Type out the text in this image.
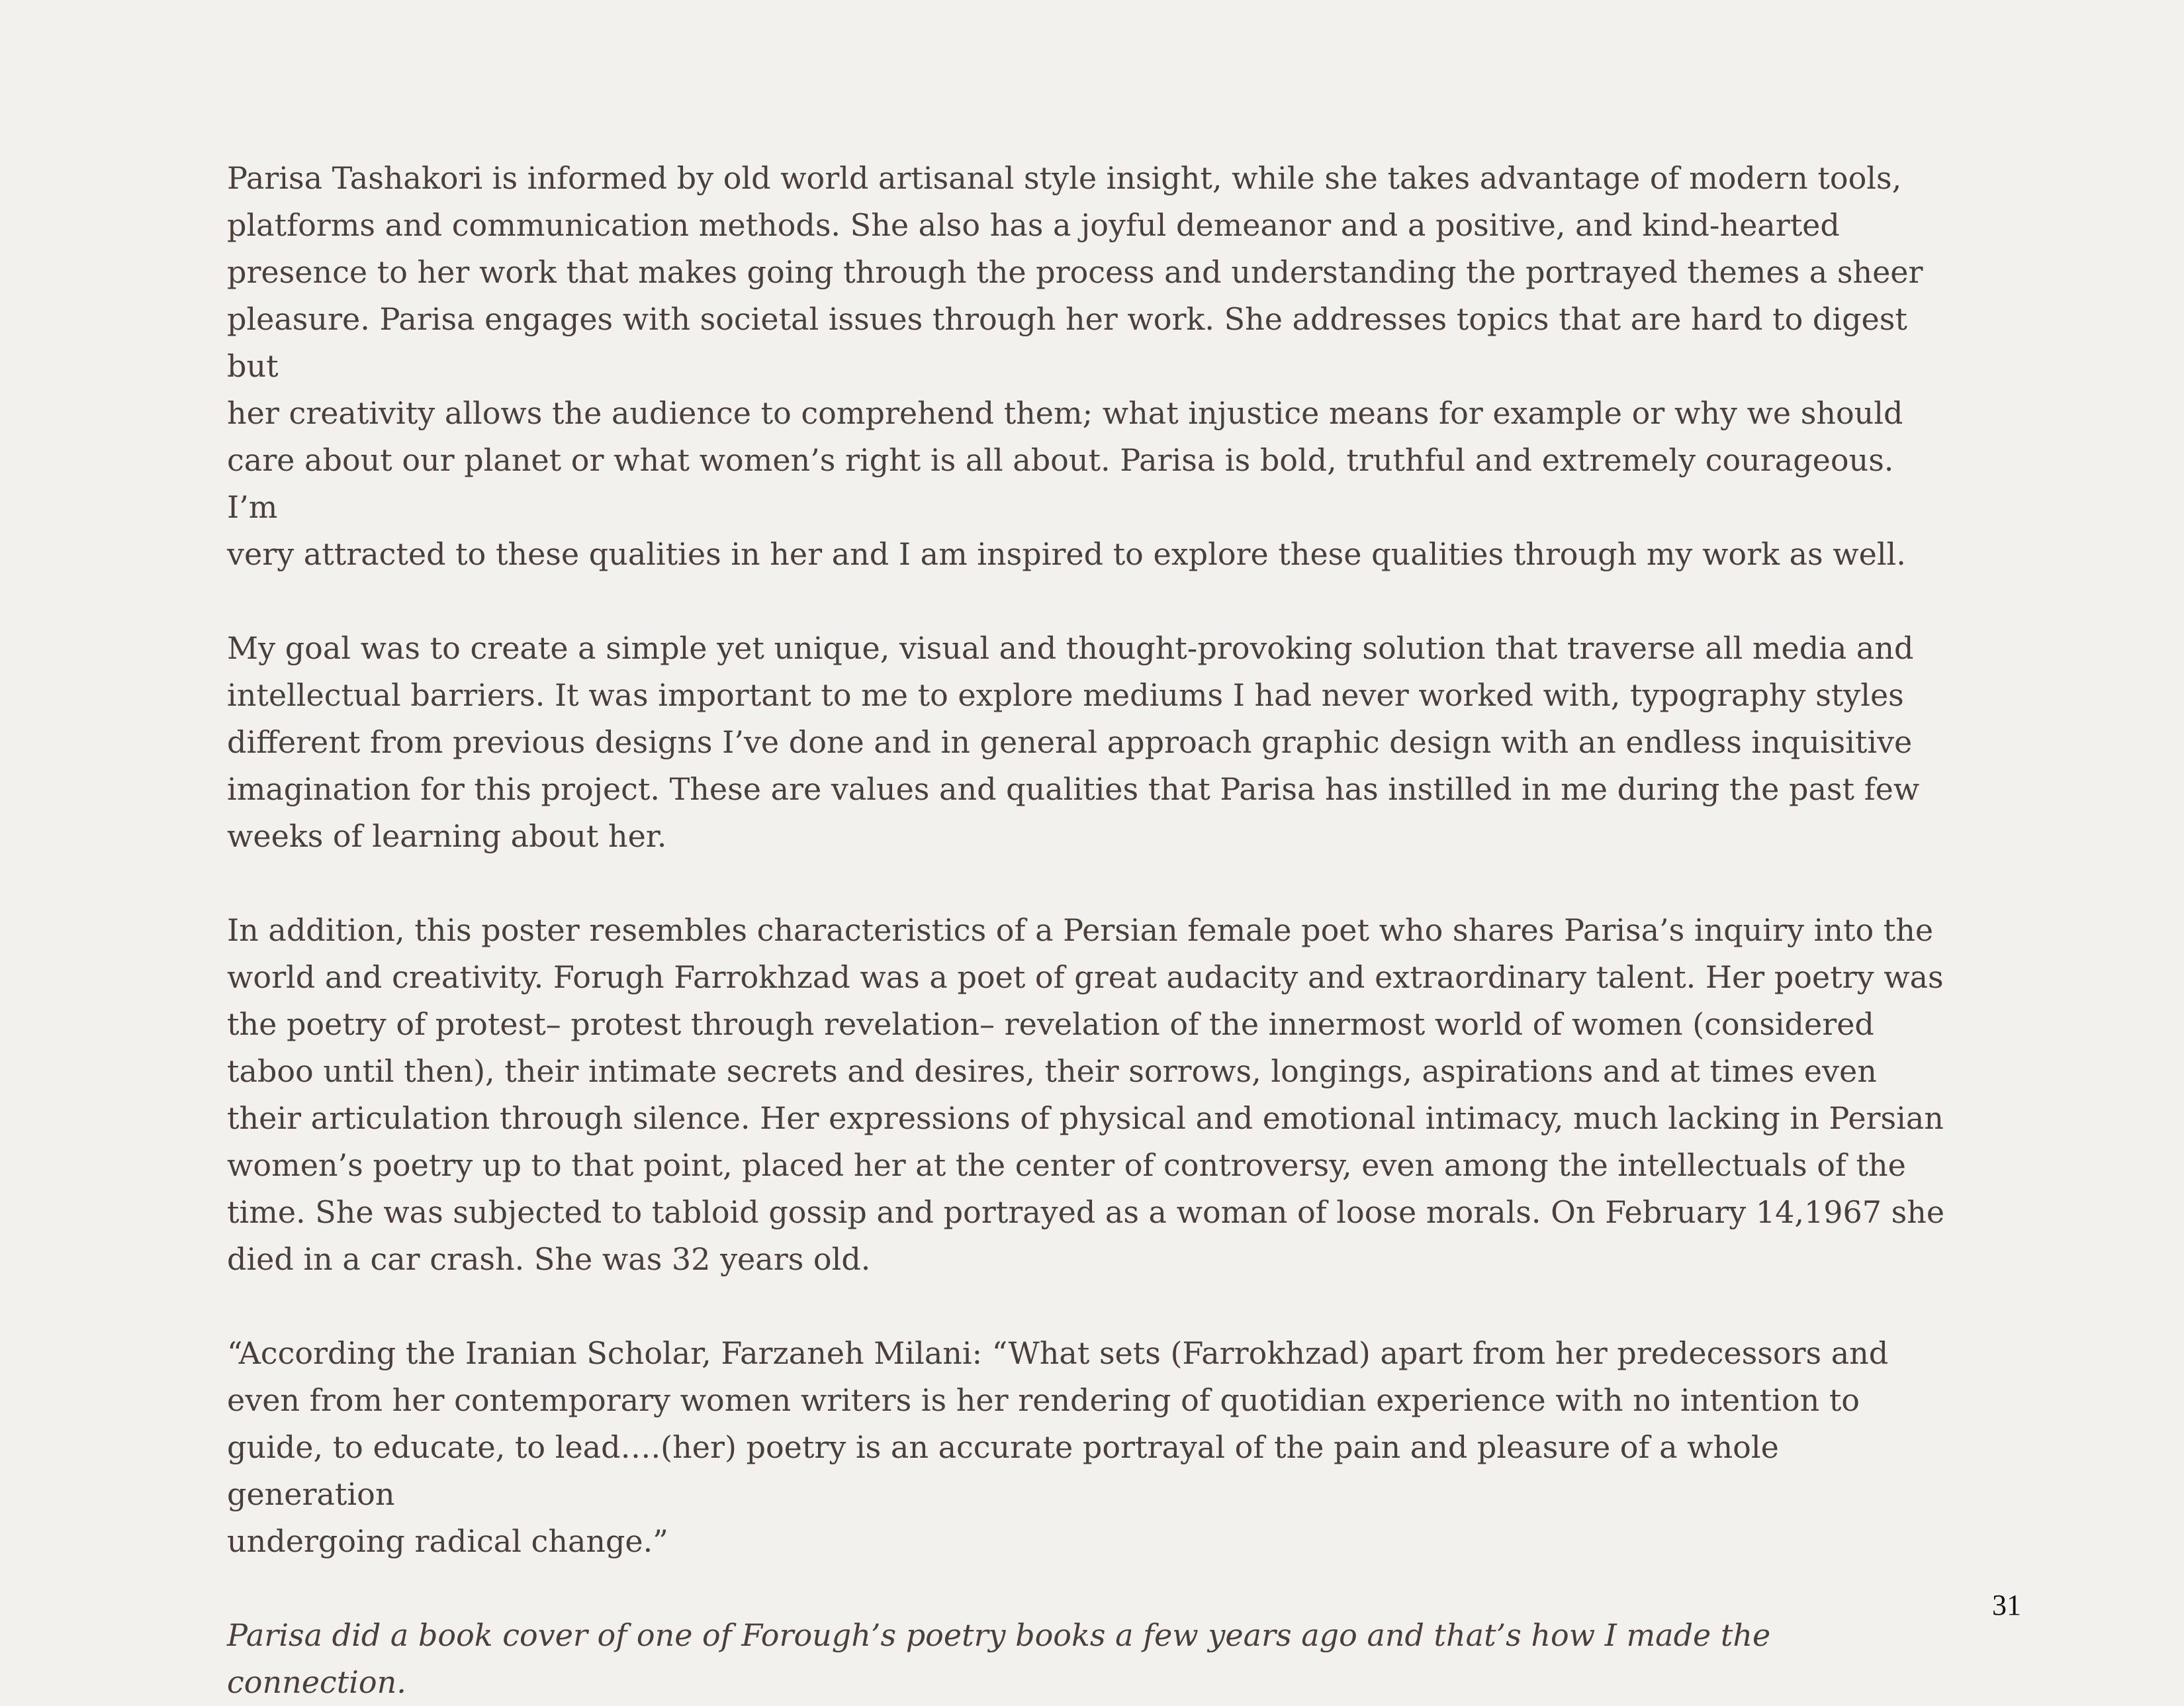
Parisa Tashakori is informed by old world artisanal style insight, while she takes advantage of modern tools,
platforms and communication methods. She also has a joyful demeanor and a positive, and kind-hearted
presence to her work that makes going through the process and understanding the portrayed themes a sheer
pleasure. Parisa engages with societal issues through her work. She addresses topics that are hard to digest but
her creativity allows the audience to comprehend them; what injustice means for example or why we should
care about our planet or what women’s right is all about. Parisa is bold, truthful and extremely courageous. I’m
very attracted to these qualities in her and I am inspired to explore these qualities through my work as well.

My goal was to create a simple yet unique, visual and thought-provoking solution that traverse all media and
intellectual barriers. It was important to me to explore mediums I had never worked with, typography styles
different from previous designs I’ve done and in general approach graphic design with an endless inquisitive
imagination for this project. These are values and qualities that Parisa has instilled in me during the past few
weeks of learning about her.

In addition, this poster resembles characteristics of a Persian female poet who shares Parisa’s inquiry into the
world and creativity. Forugh Farrokhzad was a poet of great audacity and extraordinary talent. Her poetry was
the poetry of protest– protest through revelation– revelation of the innermost world of women (considered
taboo until then), their intimate secrets and desires, their sorrows, longings, aspirations and at times even
their articulation through silence. Her expressions of physical and emotional intimacy, much lacking in Persian
women’s poetry up to that point, placed her at the center of controversy, even among the intellectuals of the
time. She was subjected to tabloid gossip and portrayed as a woman of loose morals. On February 14,1967 she
died in a car crash. She was 32 years old.

“According the Iranian Scholar, Farzaneh Milani: “What sets (Farrokhzad) apart from her predecessors and
even from her contemporary women writers is her rendering of quotidian experience with no intention to
guide, to educate, to lead….(her) poetry is an accurate portrayal of the pain and pleasure of a whole generation
undergoing radical change.”

Parisa did a book cover of one of Forough’s poetry books a few years ago and that’s how I made the connection.

31
